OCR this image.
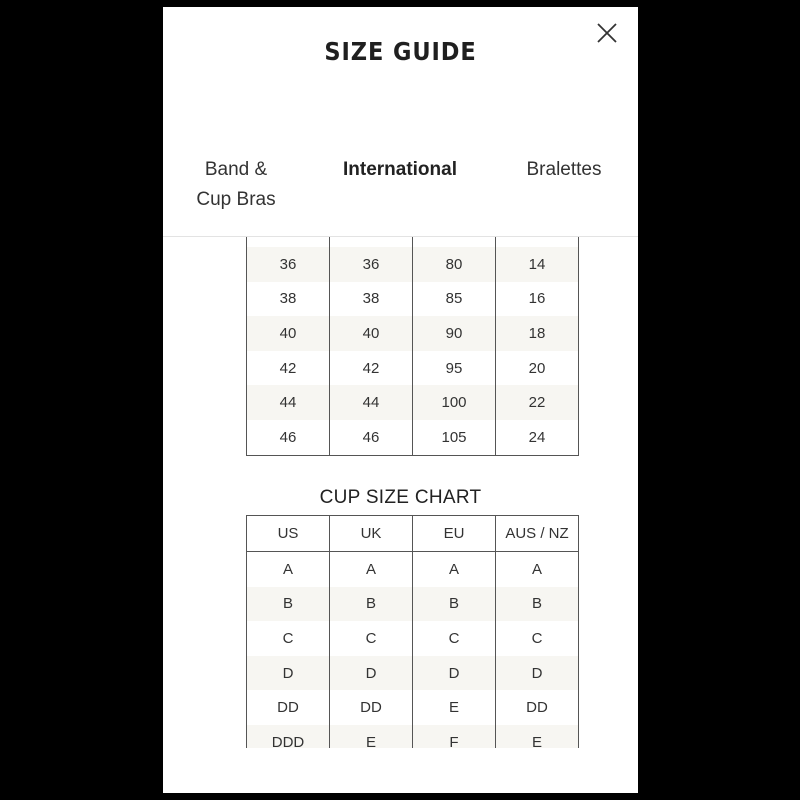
SIZE GUIDE
Band &
Cup Bras
International	Bralettes

36	36	80	14
38	38	85	16
40	40	90	18
42	42	95	20
44	44	100	22
46	46	105	24
CUP SIZE CHART
US	UK	EU	AUS / NZ
A	A	A	A
B	B	B	B
C	C	C	C
D	D	D	D
DD	DD	E	DD
DDD	E	F	E
